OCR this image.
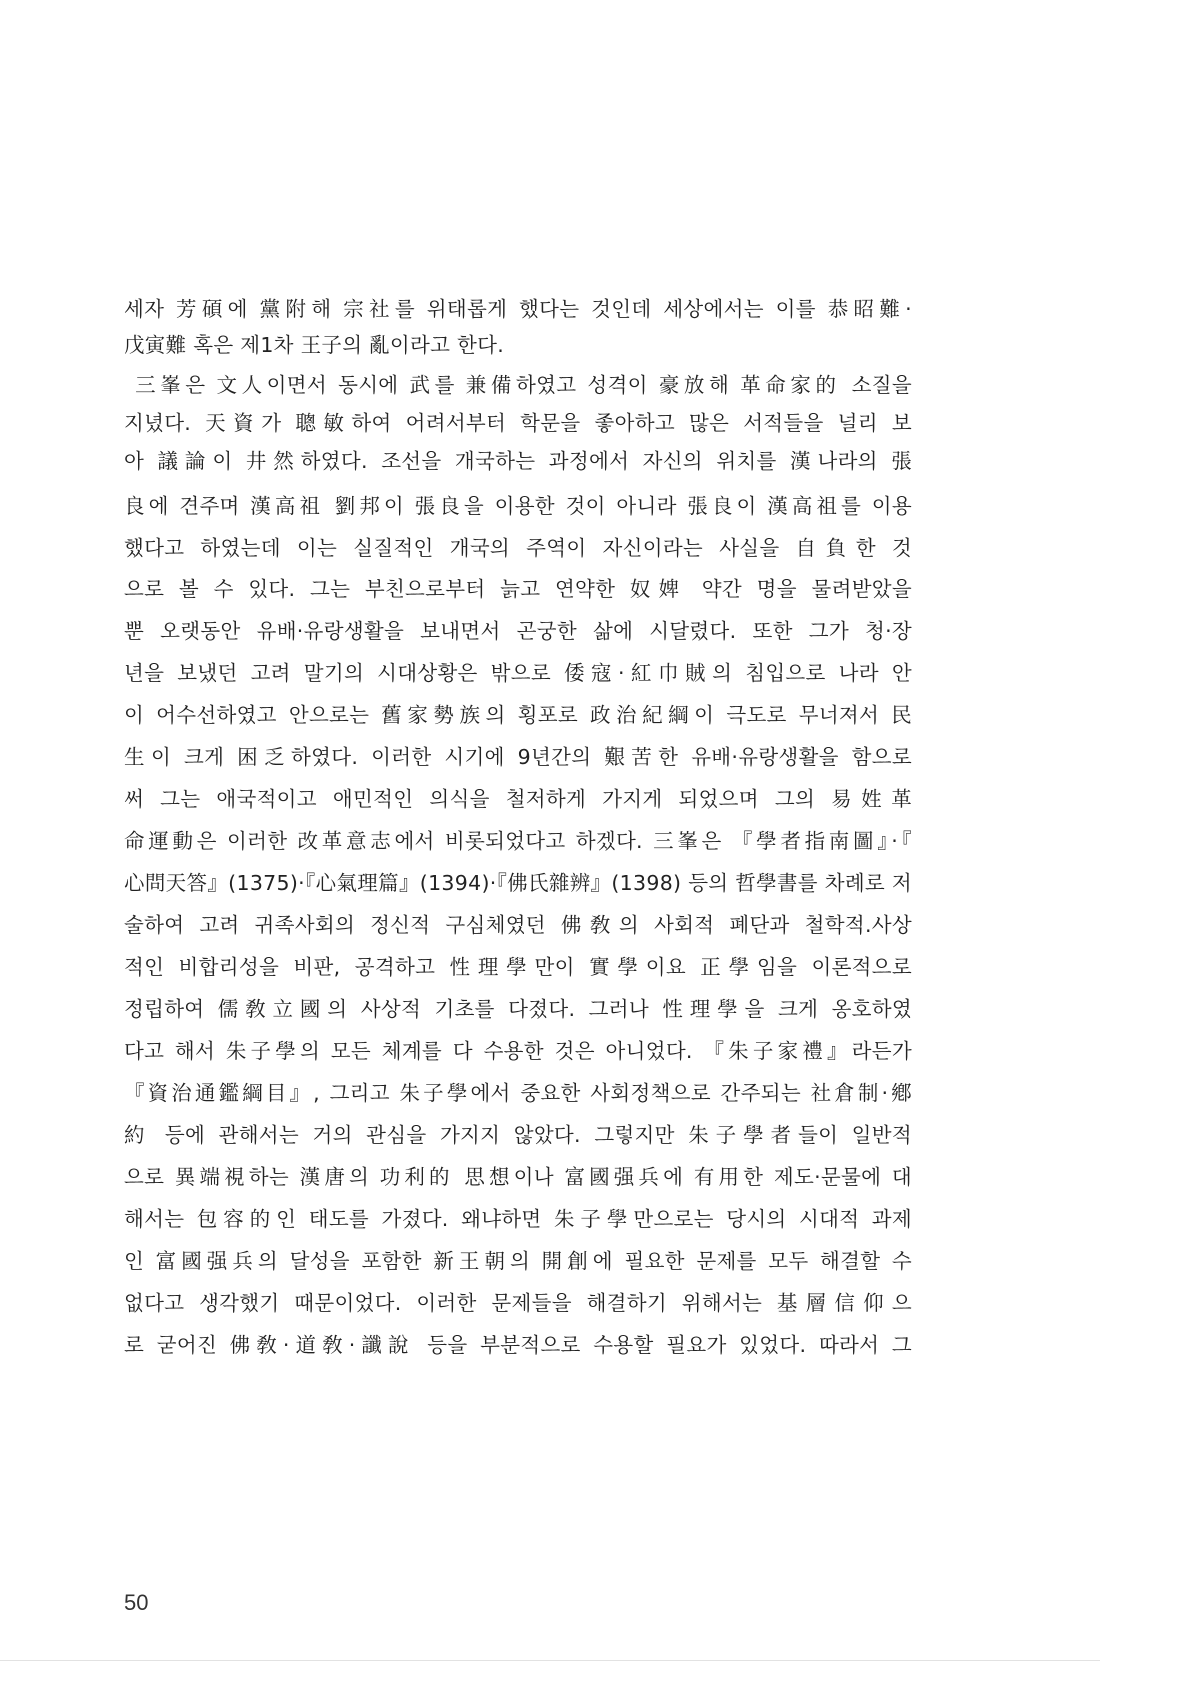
세자 芳碩에 黨附해 宗社를 위태롭게 했다는 것인데 세상에서는 이를 恭昭難·
戊寅難 혹은 제1차 王子의 亂이라고 한다.
三峯은 文人이면서 동시에 武를 兼備하였고 성격이 豪放해 革命家的 소질을
지녔다. 天資가 聰敏하여 어려서부터 학문을 좋아하고 많은 서적들을 널리 보
아 議論이 井然하였다. 조선을 개국하는 과정에서 자신의 위치를 漢나라의 張
良에 견주며 漢高祖 劉邦이 張良을 이용한 것이 아니라 張良이 漢高祖를 이용
했다고 하였는데 이는 실질적인 개국의 주역이 자신이라는 사실을 自負한 것
으로 볼 수 있다. 그는 부친으로부터 늙고 연약한 奴婢 약간 명을 물려받았을
뿐 오랫동안 유배·유랑생활을 보내면서 곤궁한 삶에 시달렸다. 또한 그가 청·장
년을 보냈던 고려 말기의 시대상황은 밖으로 倭寇·紅巾賊의 침입으로 나라 안
이 어수선하였고 안으로는 舊家勢族의 횡포로 政治紀綱이 극도로 무너져서 民
生이 크게 困乏하였다. 이러한 시기에 9년간의 艱苦한 유배·유랑생활을 함으로
써 그는 애국적이고 애민적인 의식을 철저하게 가지게 되었으며 그의 易姓革
命運動은 이러한 改革意志에서 비롯되었다고 하겠다. 三峯은 『學者指南圖』·『
心問天答』(1375)·『心氣理篇』(1394)·『佛氏雜辨』(1398) 등의 哲學書를 차례로 저
술하여 고려 귀족사회의 정신적 구심체였던 佛敎의 사회적 폐단과 철학적.사상
적인 비합리성을 비판, 공격하고 性理學만이 實學이요 正學임을 이론적으로
정립하여 儒敎立國의 사상적 기초를 다졌다. 그러나 性理學을 크게 옹호하였
다고 해서 朱子學의 모든 체계를 다 수용한 것은 아니었다. 『朱子家禮』라든가
『資治通鑑綱目』, 그리고 朱子學에서 중요한 사회정책으로 간주되는 社倉制·鄕
約 등에 관해서는 거의 관심을 가지지 않았다. 그렇지만 朱子學者들이 일반적
으로 異端視하는 漢唐의 功利的 思想이나 富國强兵에 有用한 제도·문물에 대
해서는 包容的인 태도를 가졌다. 왜냐하면 朱子學만으로는 당시의 시대적 과제
인 富國强兵의 달성을 포함한 新王朝의 開創에 필요한 문제를 모두 해결할 수
없다고 생각했기 때문이었다. 이러한 문제들을 해결하기 위해서는 基層信仰으
로 굳어진 佛敎·道敎·讖說 등을 부분적으로 수용할 필요가 있었다. 따라서 그
50
